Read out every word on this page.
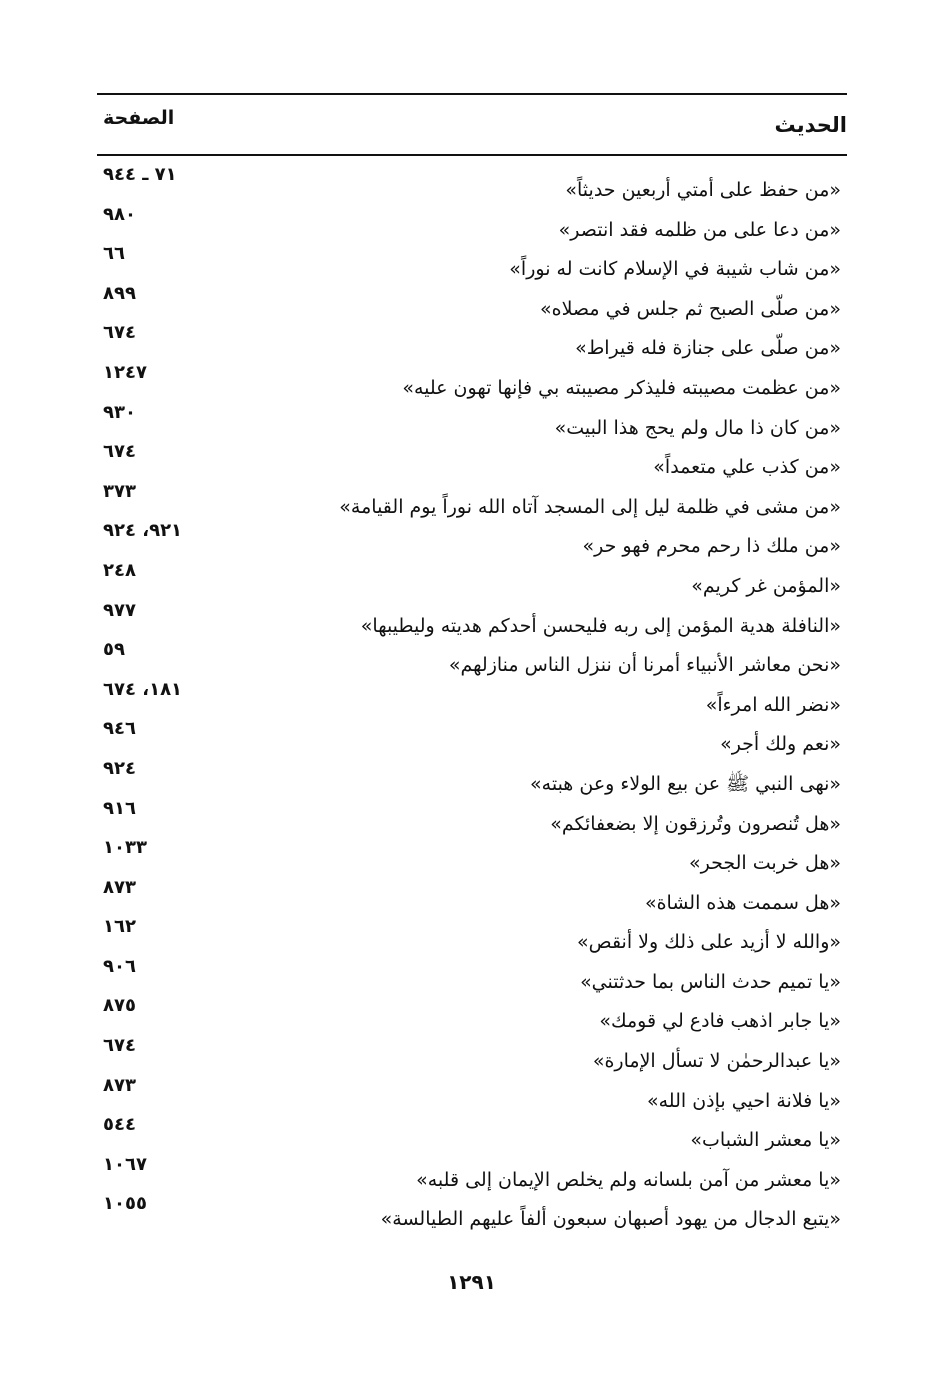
الحديث
الصفحة
«من حفظ على أمتي أربعين حديثاً»
٧١ ـ ٩٤٤
«من دعا على من ظلمه فقد انتصر»
٩٨٠
«من شاب شيبة في الإسلام كانت له نوراً»
٦٦
«من صلّى الصبح ثم جلس في مصلاه»
٨٩٩
«من صلّى على جنازة فله قيراط»
٦٧٤
«من عظمت مصيبته فليذكر مصيبته بي فإنها تهون عليه»
١٢٤٧
«من كان ذا مال ولم يحج هذا البيت»
٩٣٠
«من كذب علي متعمداً»
٦٧٤
«من مشى في ظلمة ليل إلى المسجد آتاه الله نوراً يوم القيامة»
٣٧٣
«من ملك ذا رحم محرم فهو حر»
٩٢١، ٩٢٤
«المؤمن غر كريم»
٢٤٨
«النافلة هدية المؤمن إلى ربه فليحسن أحدكم هديته وليطيبها»
٩٧٧
«نحن معاشر الأنبياء أمرنا أن ننزل الناس منازلهم»
٥٩
«نضر الله امرءاً»
١٨١، ٦٧٤
«نعم ولك أجر»
٩٤٦
«نهى النبي ﷺ عن بيع الولاء وعن هبته»
٩٢٤
«هل تُنصرون وتُرزقون إلا بضعفائكم»
٩١٦
«هل خربت الجحر»
١٠٣٣
«هل سممت هذه الشاة»
٨٧٣
«والله لا أزيد على ذلك ولا أنقص»
١٦٢
«يا تميم حدث الناس بما حدثتني»
٩٠٦
«يا جابر اذهب فادع لي قومك»
٨٧٥
«يا عبدالرحمٰن لا تسأل الإمارة»
٦٧٤
«يا فلانة احيي بإذن الله»
٨٧٣
«يا معشر الشباب»
٥٤٤
«يا معشر من آمن بلسانه ولم يخلص الإيمان إلى قلبه»
١٠٦٧
«يتبع الدجال من يهود أصبهان سبعون ألفاً عليهم الطيالسة»
١٠٥٥
١٢٩١
